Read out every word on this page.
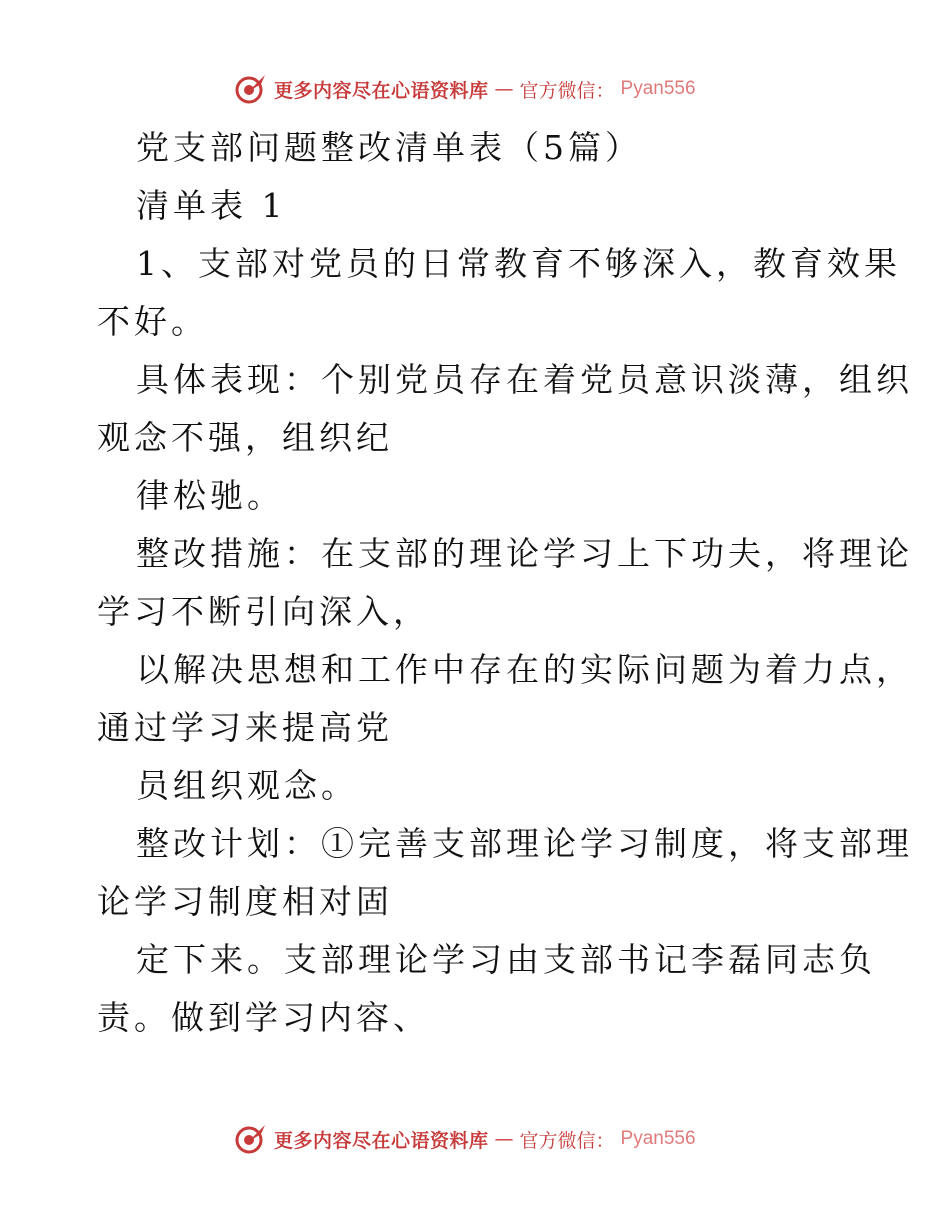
更多内容尽在心语资料库 — 官方微信： Pyan556
党支部问题整改清单表（5篇）
清单表 1
1、支部对党员的日常教育不够深入，教育效果
不好。
具体表现：个别党员存在着党员意识淡薄，组织
观念不强，组织纪
律松驰。
整改措施：在支部的理论学习上下功夫，将理论
学习不断引向深入，
以解决思想和工作中存在的实际问题为着力点，
通过学习来提高党
员组织观念。
整改计划：①完善支部理论学习制度，将支部理
论学习制度相对固
定下来。支部理论学习由支部书记李磊同志负
责。做到学习内容、
更多内容尽在心语资料库 — 官方微信： Pyan556
